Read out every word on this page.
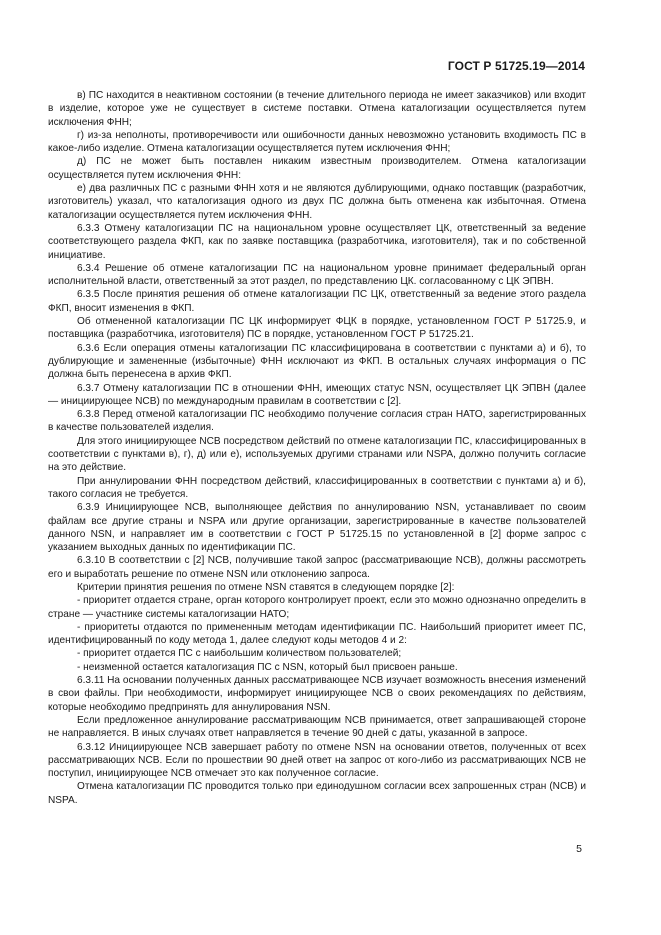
ГОСТ Р 51725.19—2014

в) ПС находится в неактивном состоянии (в течение длительного периода не имеет заказчиков) или входит в изделие, которое уже не существует в системе поставки. Отмена каталогизации осуществляется путем исключения ФНН;

г) из-за неполноты, противоречивости или ошибочности данных невозможно установить входимость ПС в какое-либо изделие. Отмена каталогизации осуществляется путем исключения ФНН;

д) ПС не может быть поставлен никаким известным производителем. Отмена каталогизации осуществляется путем исключения ФНН:

е) два различных ПС с разными ФНН хотя и не являются дублирующими, однако поставщик (разработчик, изготовитель) указал, что каталогизация одного из двух ПС должна быть отменена как избыточная. Отмена каталогизации осуществляется путем исключения ФНН.

6.3.3 Отмену каталогизации ПС на национальном уровне осуществляет ЦК, ответственный за ведение соответствующего раздела ФКП, как по заявке поставщика (разработчика, изготовителя), так и по собственной инициативе.

6.3.4 Решение об отмене каталогизации ПС на национальном уровне принимает федеральный орган исполнительной власти, ответственный за этот раздел, по представлению ЦК. согласованному с ЦК ЭПВН.

6.3.5 После принятия решения об отмене каталогизации ПС ЦК, ответственный за ведение этого раздела ФКП, вносит изменения в ФКП.

Об отмененной каталогизации ПС ЦК информирует ФЦК в порядке, установленном ГОСТ Р 51725.9, и поставщика (разработчика, изготовителя) ПС в порядке, установленном ГОСТ Р 51725.21.

6.3.6 Если операция отмены каталогизации ПС классифицирована в соответствии с пунктами а) и б), то дублирующие и замененные (избыточные) ФНН исключают из ФКП. В остальных случаях информация о ПС должна быть перенесена в архив ФКП.

6.3.7 Отмену каталогизации ПС в отношении ФНН, имеющих статус NSN, осуществляет ЦК ЭПВН (далее — инициирующее NCB) по международным правилам в соответствии с [2].

6.3.8 Перед отменой каталогизации ПС необходимо получение согласия стран НАТО, зарегистрированных в качестве пользователей изделия.

Для этого инициирующее NCB посредством действий по отмене каталогизации ПС, классифицированных в соответствии с пунктами в), г), д) или е), используемых другими странами или NSPA, должно получить согласие на это действие.

При аннулировании ФНН посредством действий, классифицированных в соответствии с пунктами а) и б), такого согласия не требуется.

6.3.9 Инициирующее NCB, выполняющее действия по аннулированию NSN, устанавливает по своим файлам все другие страны и NSPA или другие организации, зарегистрированные в качестве пользователей данного NSN, и направляет им в соответствии с ГОСТ Р 51725.15 по установленной в [2] форме запрос с указанием выходных данных по идентификации ПС.

6.3.10 В соответствии с [2] NCB, получившие такой запрос (рассматривающие NCB), должны рассмотреть его и выработать решение по отмене NSN или отклонению запроса.

Критерии принятия решения по отмене NSN ставятся в следующем порядке [2]:

- приоритет отдается стране, орган которого контролирует проект, если это можно однозначно определить в стране — участнике системы каталогизации НАТО;

- приоритеты отдаются по примененным методам идентификации ПС. Наибольший приоритет имеет ПС, идентифицированный по коду метода 1, далее следуют коды методов 4 и 2:

- приоритет отдается ПС с наибольшим количеством пользователей;

- неизменной остается каталогизация ПС с NSN, который был присвоен раньше.

6.3.11 На основании полученных данных рассматривающее NCB изучает возможность внесения изменений в свои файлы. При необходимости, информирует инициирующее NCB о своих рекомендациях по действиям, которые необходимо предпринять для аннулирования NSN.

Если предложенное аннулирование рассматривающим NCB принимается, ответ запрашивающей стороне не направляется. В иных случаях ответ направляется в течение 90 дней с даты, указанной в запросе.

6.3.12 Инициирующее NCB завершает работу по отмене NSN на основании ответов, полученных от всех рассматривающих NCB. Если по прошествии 90 дней ответ на запрос от кого-либо из рассматривающих NCB не поступил, инициирующее NCB отмечает это как полученное согласие.

Отмена каталогизации ПС проводится только при единодушном согласии всех запрошенных стран (NCB) и NSPA.

5
